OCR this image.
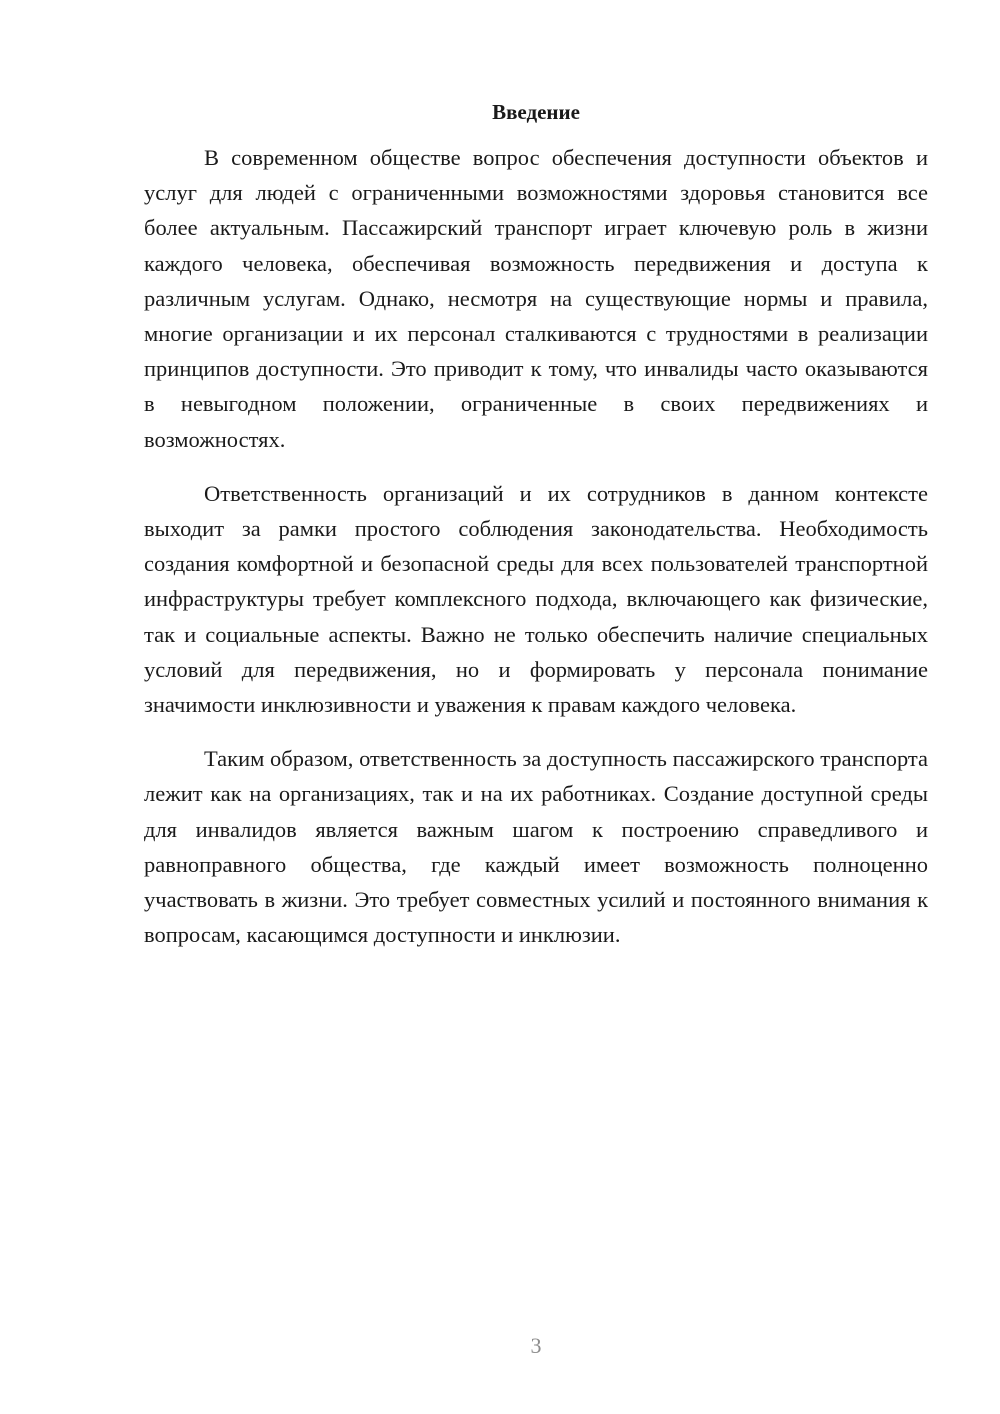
Введение

В современном обществе вопрос обеспечения доступности объектов и услуг для людей с ограниченными возможностями здоровья становится все более актуальным. Пассажирский транспорт играет ключевую роль в жизни каждого человека, обеспечивая возможность передвижения и доступа к различным услугам. Однако, несмотря на существующие нормы и правила, многие организации и их персонал сталкиваются с трудностями в реализации принципов доступности. Это приводит к тому, что инвалиды часто оказываются в невыгодном положении, ограниченные в своих передвижениях и возможностях.

Ответственность организаций и их сотрудников в данном контексте выходит за рамки простого соблюдения законодательства. Необходимость создания комфортной и безопасной среды для всех пользователей транспортной инфраструктуры требует комплексного подхода, включающего как физические, так и социальные аспекты. Важно не только обеспечить наличие специальных условий для передвижения, но и формировать у персонала понимание значимости инклюзивности и уважения к правам каждого человека.

Таким образом, ответственность за доступность пассажирского транспорта лежит как на организациях, так и на их работниках. Создание доступной среды для инвалидов является важным шагом к построению справедливого и равноправного общества, где каждый имеет возможность полноценно участвовать в жизни. Это требует совместных усилий и постоянного внимания к вопросам, касающимся доступности и инклюзии.

3
